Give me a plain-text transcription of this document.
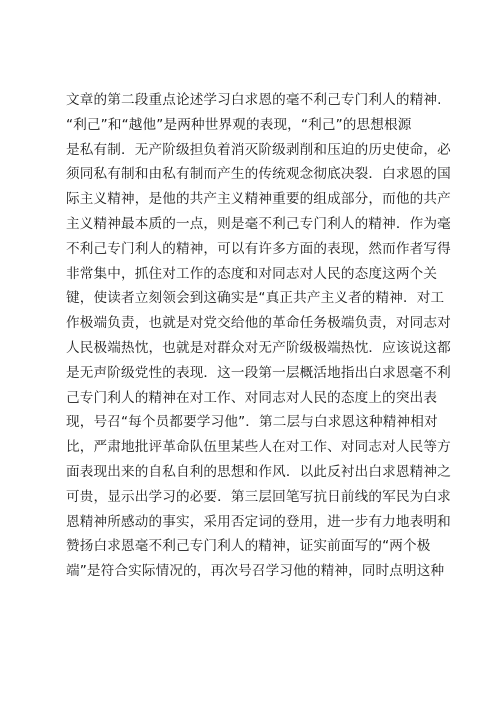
文章的第二段重点论述学习白求恩的毫不利己专门利人的精神.
“利己”和“越他”是两种世界观的表现，“利己”的思想根源
是私有制．无产阶级担负着消灭阶级剥削和压迫的历史使命，必
须同私有制和由私有制而产生的传统观念彻底决裂．白求恩的国
际主义精神，是他的共产主义精神重要的组成部分，而他的共产
主义精神最本质的一点，则是毫不利己专门利人的精神．作为毫
不利己专门利人的精神，可以有许多方面的表现，然而作者写得
非常集中，抓住对工作的态度和对同志对人民的态度这两个关
键，使读者立刻领会到这确实是“真正共产主义者的精神．对工
作极端负责，也就是对党交给他的革命任务极端负责，对同志对
人民极端热忱，也就是对群众对无产阶级极端热忱．应该说这都
是无声阶级党性的表现．这一段第一层概活地指出白求恩毫不利
己专门利人的精神在对工作、对同志对人民的态度上的突出表
现，号召“每个员都要学习他”．第二层与白求恩这种精神相对
比，严肃地批评革命队伍里某些人在对工作、对同志对人民等方
面表现出来的自私自利的思想和作风．以此反衬出白求恩精神之
可贵，显示出学习的必要．第三层回笔写抗日前线的军民为白求
恩精神所感动的事实，采用否定词的登用，进一步有力地表明和
赞扬白求恩毫不利己专门利人的精神，证实前面写的“两个极
端”是符合实际情况的，再次号召学习他的精神，同时点明这种
